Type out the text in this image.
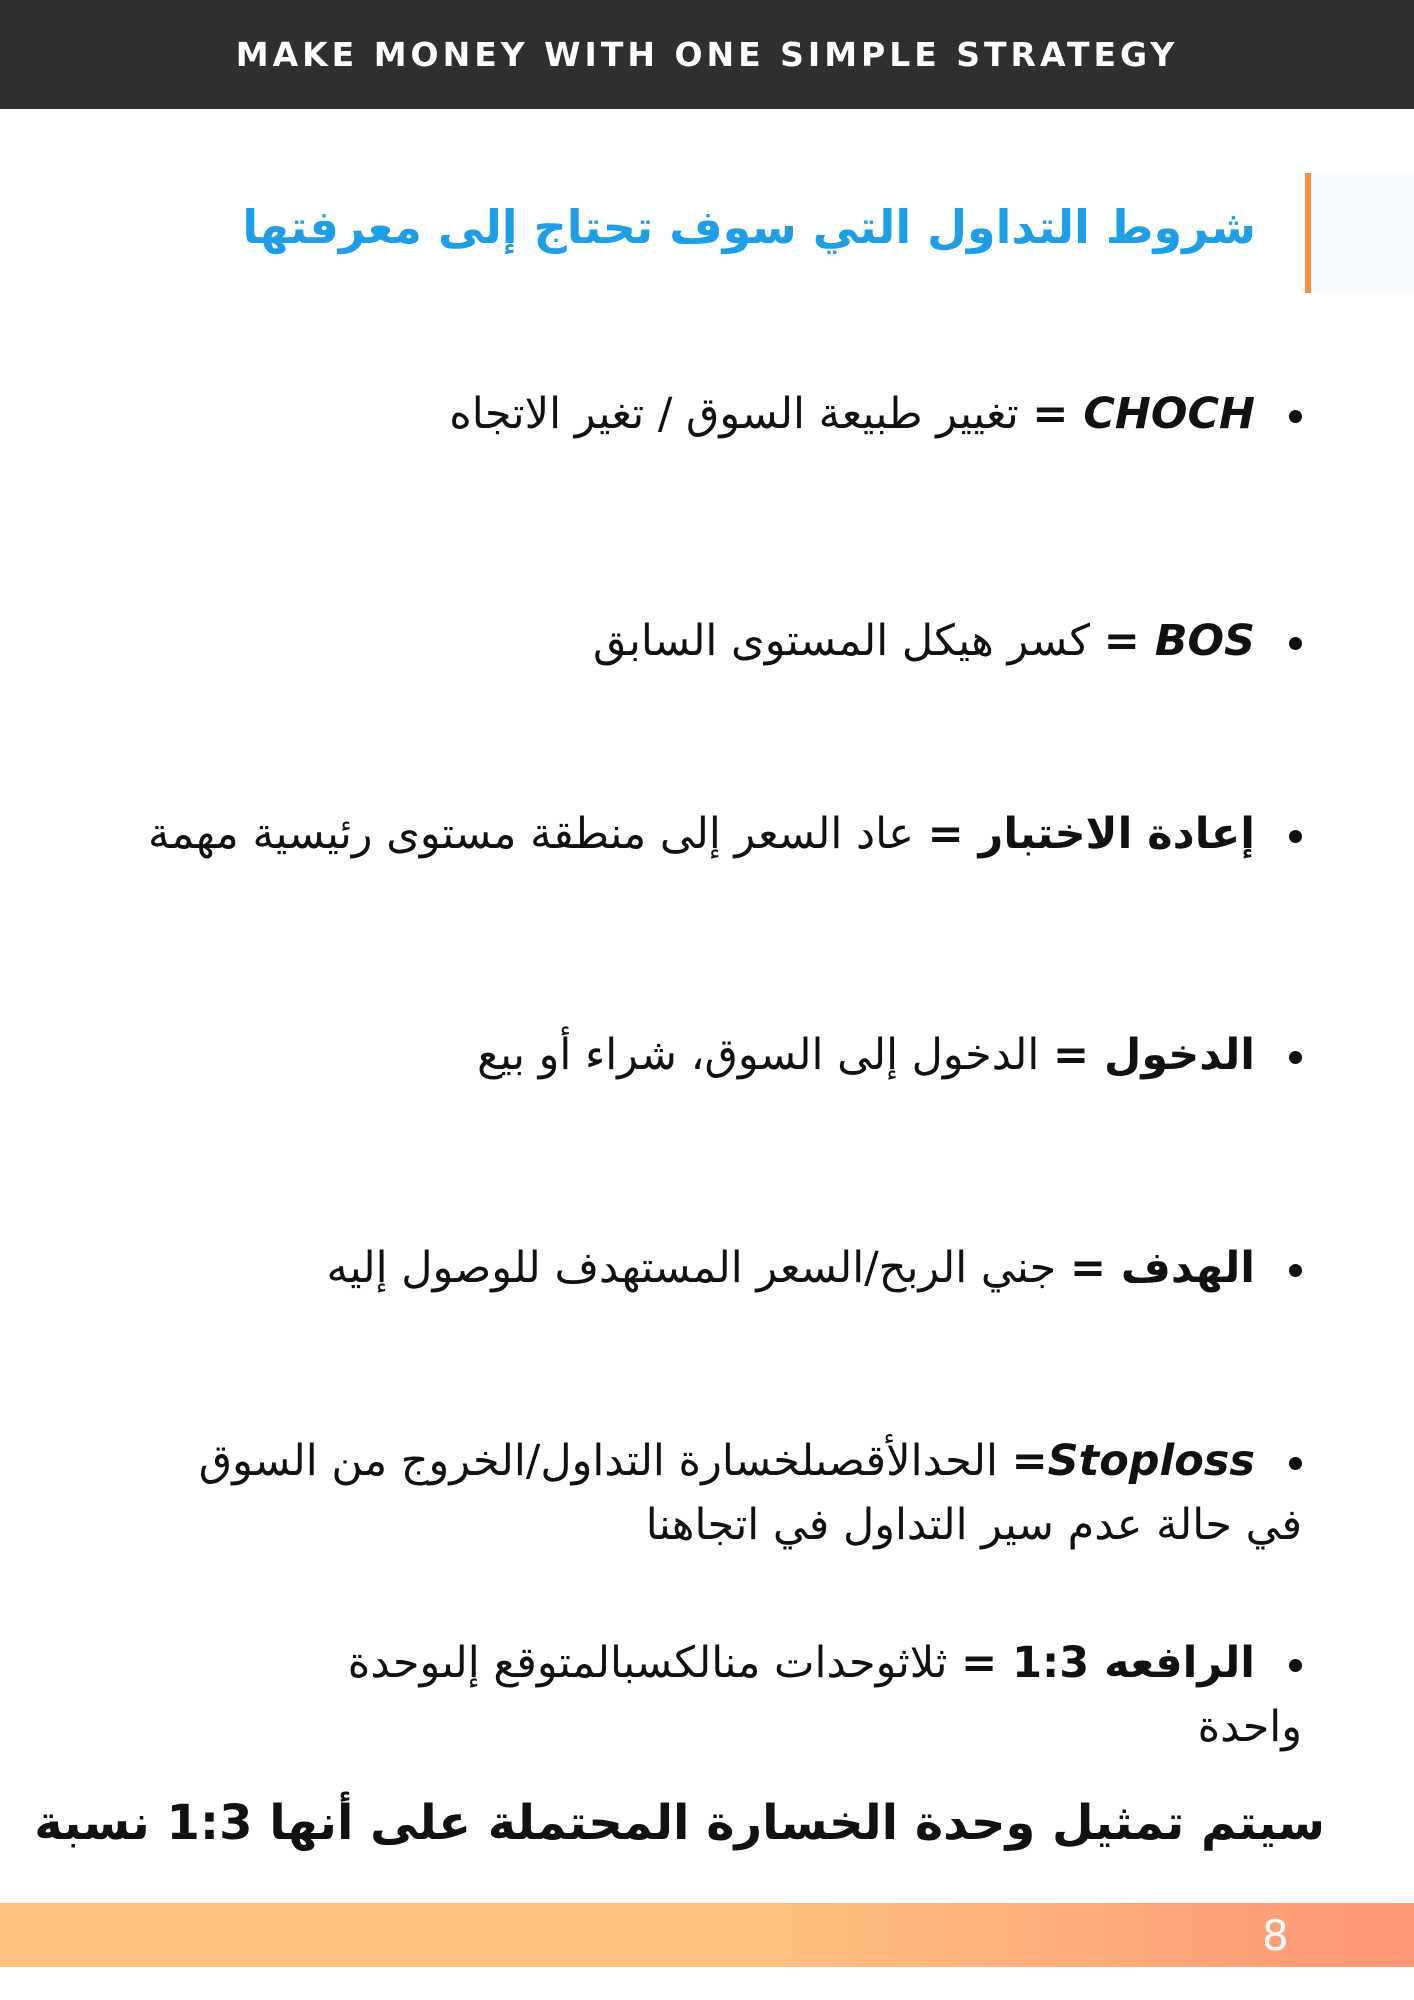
MAKE MONEY WITH ONE SIMPLE STRATEGY
شروط التداول التي سوف تحتاج إلى معرفتها
CHOCH = تغيير طبيعة السوق / تغير الاتجاه
BOS = كسر هيكل المستوى السابق
إعادة الاختبار = عاد السعر إلى منطقة مستوى رئيسية مهمة
الدخول = الدخول إلى السوق، شراء أو بيع
الهدف = جني الربح/السعر المستهدف للوصول إليه
Stoploss= الحدالأقصىلخسارة التداول/الخروج من السوق
في حالة عدم سير التداول في اتجاهنا
الرافعه 1:3 = ثلاثوحدات منالكسبالمتوقع إلىوحدة
واحدة
سيتم تمثيل وحدة الخسارة المحتملة على أنها 1:3 نسبة
8
